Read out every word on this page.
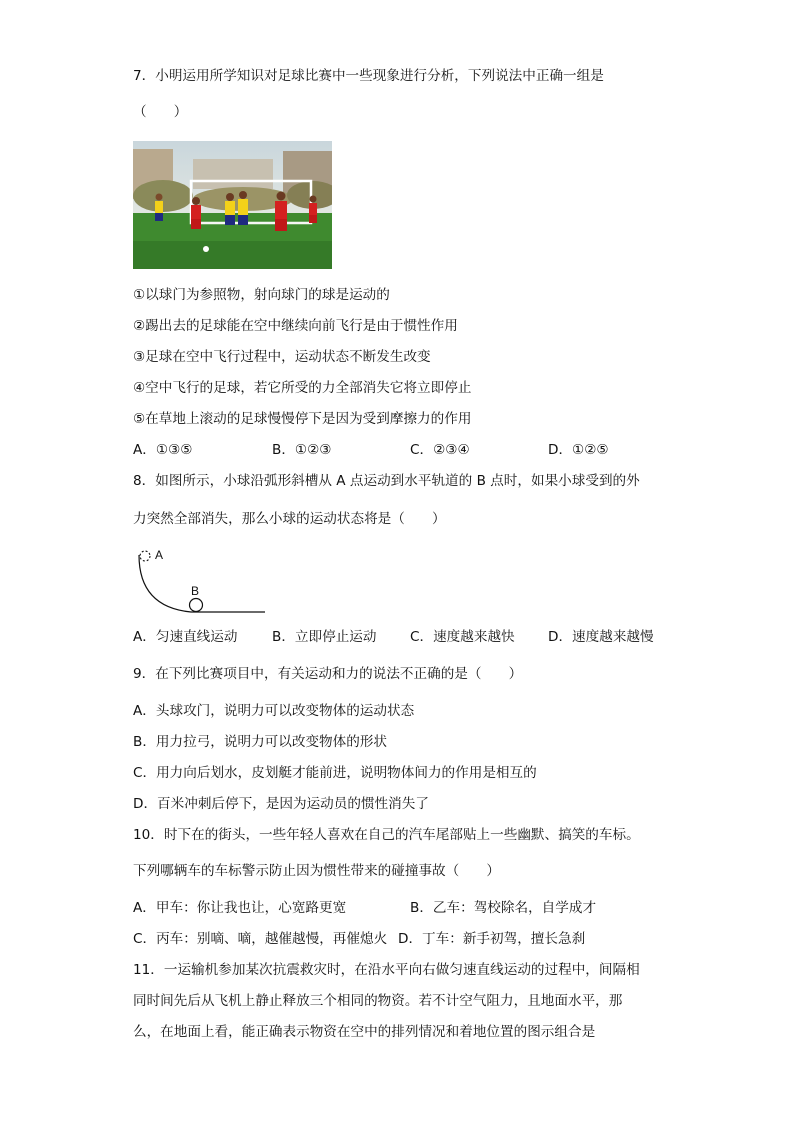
7．小明运用所学知识对足球比赛中一些现象进行分析，下列说法中正确一组是
（　　）
①以球门为参照物，射向球门的球是运动的
②踢出去的足球能在空中继续向前飞行是由于惯性作用
③足球在空中飞行过程中，运动状态不断发生改变
④空中飞行的足球，若它所受的力全部消失它将立即停止
⑤在草地上滚动的足球慢慢停下是因为受到摩擦力的作用
A．①③⑤	B．①②③	C．②③④	D．①②⑤
8．如图所示，小球沿弧形斜槽从 A 点运动到水平轨道的 B 点时，如果小球受到的外
力突然全部消失，那么小球的运动状态将是（　　）
A
B
A．匀速直线运动	B．立即停止运动 C．速度越来越快 D．速度越来越慢
9．在下列比赛项目中，有关运动和力的说法不正确的是（　　）
A．头球攻门，说明力可以改变物体的运动状态
B．用力拉弓，说明力可以改变物体的形状
C．用力向后划水，皮划艇才能前进，说明物体间力的作用是相互的
D．百米冲刺后停下，是因为运动员的惯性消失了
10．时下在的街头，一些年轻人喜欢在自己的汽车尾部贴上一些幽默、搞笑的车标。
下列哪辆车的车标警示防止因为惯性带来的碰撞事故（　　）
A．甲车：你让我也让，心宽路更宽	B．乙车：驾校除名，自学成才
C．丙车：别嘀、嘀，越催越慢，再催熄火 D．丁车：新手初驾，擅长急刹
11．一运输机参加某次抗震救灾时，在沿水平向右做匀速直线运动的过程中，间隔相
同时间先后从飞机上静止释放三个相同的物资。若不计空气阻力，且地面水平，那
么，在地面上看，能正确表示物资在空中的排列情况和着地位置的图示组合是
